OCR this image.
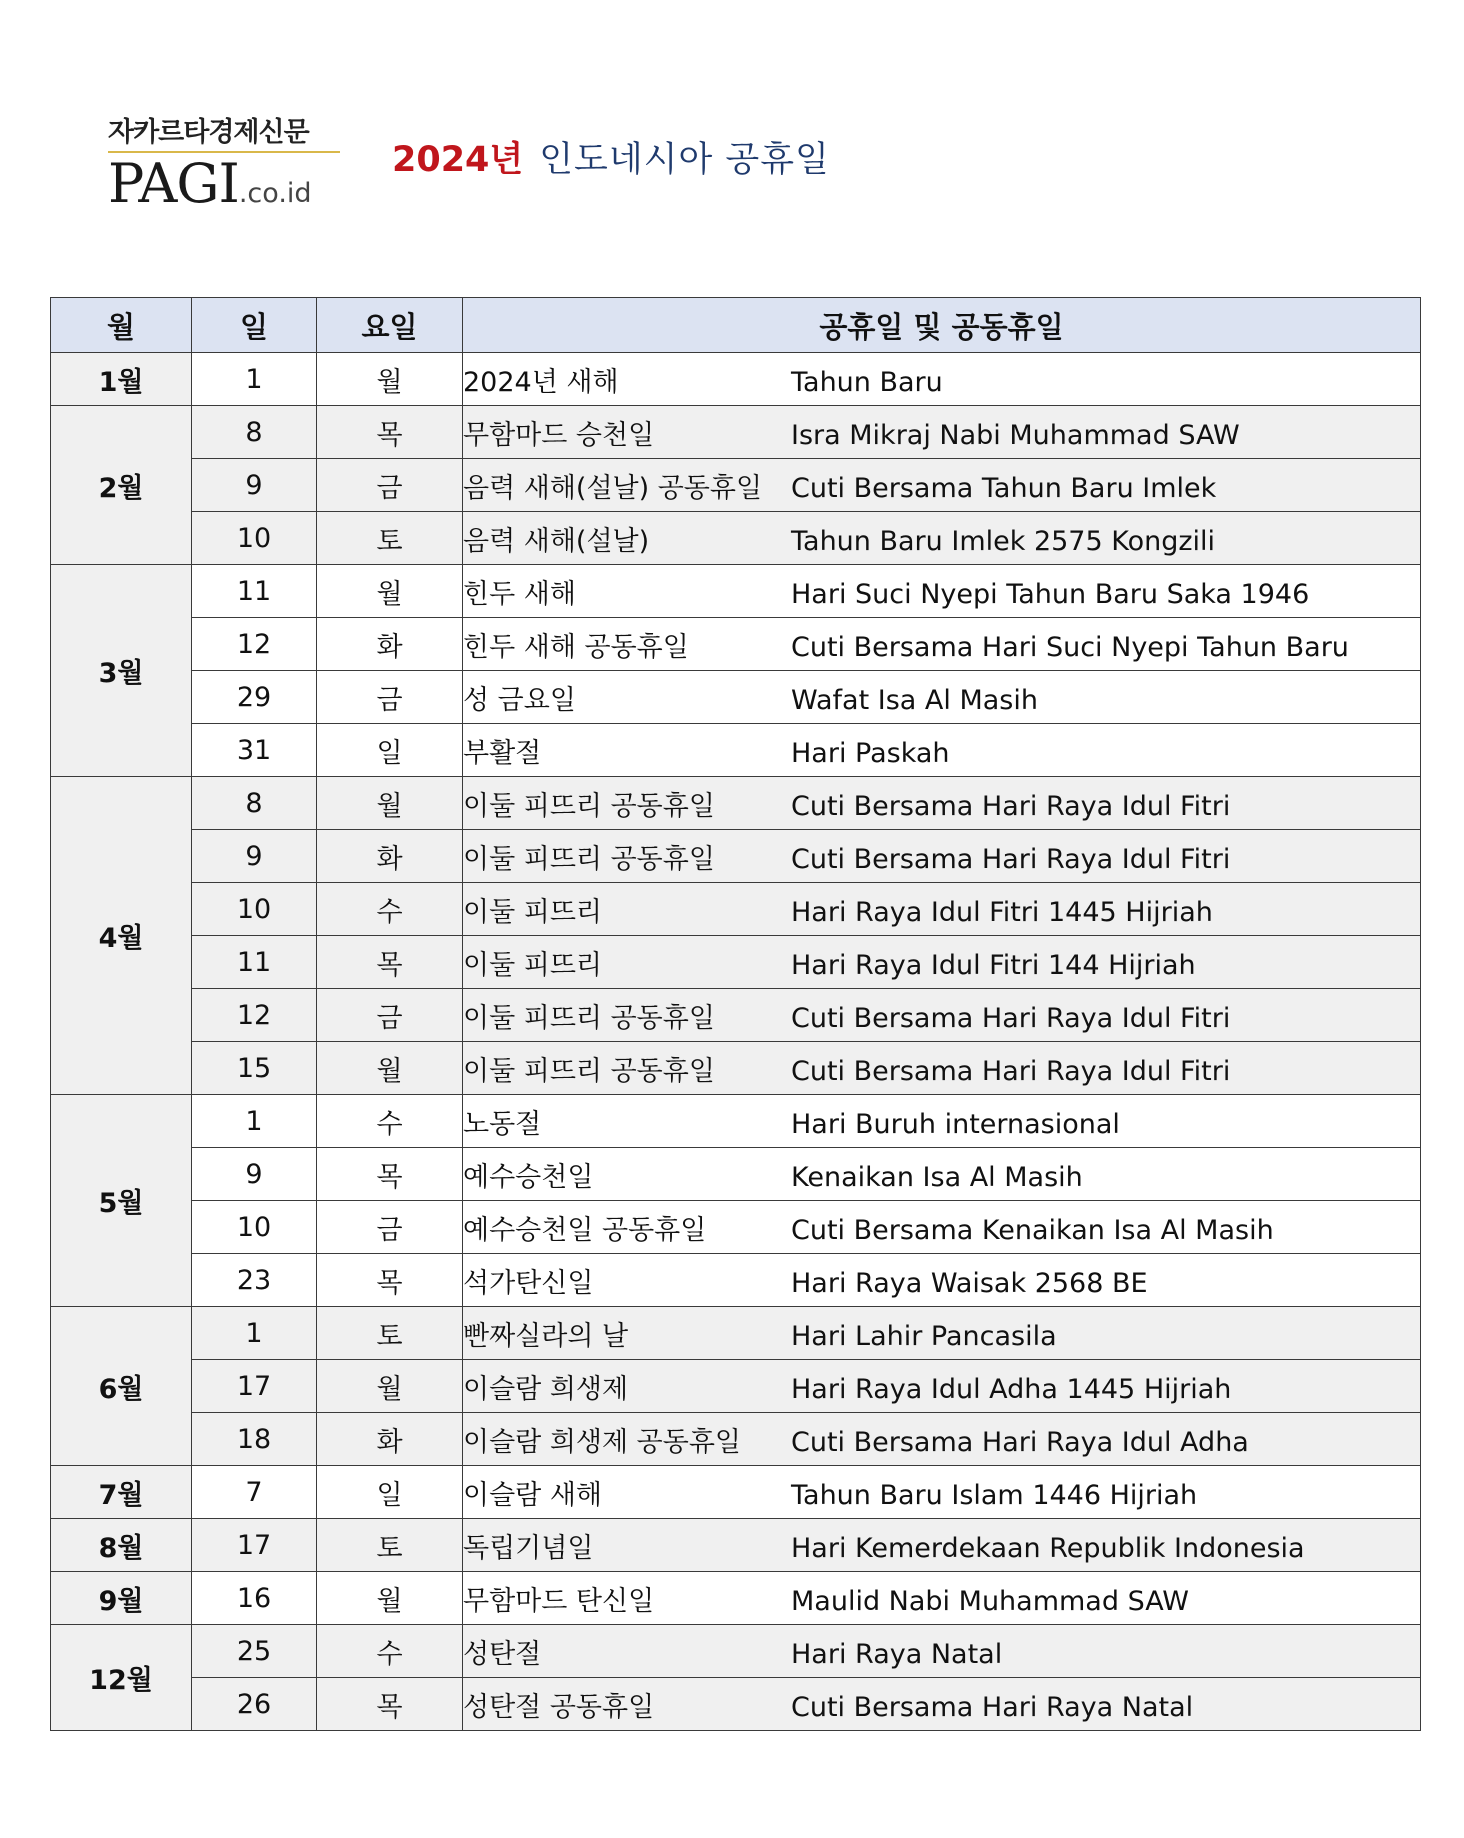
자카르타경제신문
PAGI.co.id
2024년 인도네시아 공휴일
월	일	요일	공휴일 및 공동휴일
1월	1	월	2024년 새해 Tahun Baru
2월	8	목	무함마드 승천일 Isra Mikraj Nabi Muhammad SAW
	9	금	음력 새해(설날) 공동휴일 Cuti Bersama Tahun Baru Imlek
	10	토	음력 새해(설날) Tahun Baru Imlek 2575 Kongzili
3월	11	월	힌두 새해 Hari Suci Nyepi Tahun Baru Saka 1946
	12	화	힌두 새해 공동휴일 Cuti Bersama Hari Suci Nyepi Tahun Baru
	29	금	성 금요일 Wafat Isa Al Masih
	31	일	부활절 Hari Paskah
4월	8	월	이둘 피뜨리 공동휴일 Cuti Bersama Hari Raya Idul Fitri
	9	화	이둘 피뜨리 공동휴일 Cuti Bersama Hari Raya Idul Fitri
	10	수	이둘 피뜨리 Hari Raya Idul Fitri 1445 Hijriah
	11	목	이둘 피뜨리 Hari Raya Idul Fitri 144 Hijriah
	12	금	이둘 피뜨리 공동휴일 Cuti Bersama Hari Raya Idul Fitri
	15	월	이둘 피뜨리 공동휴일 Cuti Bersama Hari Raya Idul Fitri
5월	1	수	노동절 Hari Buruh internasional
	9	목	예수승천일 Kenaikan Isa Al Masih
	10	금	예수승천일 공동휴일 Cuti Bersama Kenaikan Isa Al Masih
	23	목	석가탄신일 Hari Raya Waisak 2568 BE
6월	1	토	빤짜실라의 날 Hari Lahir Pancasila
	17	월	이슬람 희생제 Hari Raya Idul Adha 1445 Hijriah
	18	화	이슬람 희생제 공동휴일 Cuti Bersama Hari Raya Idul Adha
7월	7	일	이슬람 새해 Tahun Baru Islam 1446 Hijriah
8월	17	토	독립기념일 Hari Kemerdekaan Republik Indonesia
9월	16	월	무함마드 탄신일 Maulid Nabi Muhammad SAW
12월	25	수	성탄절 Hari Raya Natal
	26	목	성탄절 공동휴일 Cuti Bersama Hari Raya Natal
